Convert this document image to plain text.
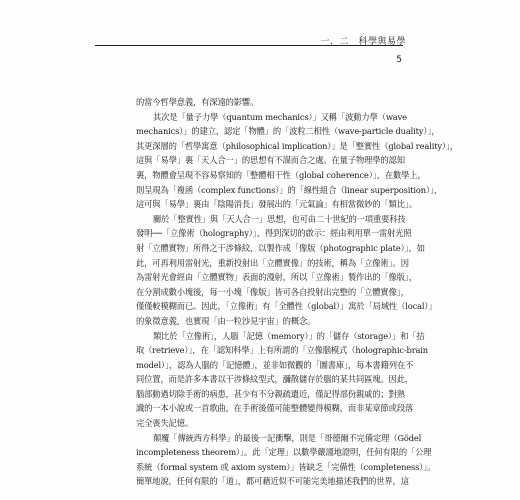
一．二　科學與易學
5

的當今哲學意義，有深遠的影響。

其次是「量子力學（quantum mechanics）」又稱「波動力學（wave
mechanics）」的建立，認定「物體」的「波粒二相性（wave-particle duality）」，
其更深層的「哲學寓意（philosophical implication）」是「整實性（global reality）」，
這與「易學」裏「天人合一」的思想有不謀而合之處。在量子物理學的認知
裏，物體會呈現不容易察知的「整體相干性（global coherence）」，在數學上，
則呈現為「複函（complex functions）」的「線性組合（linear superposition）」，
這可與「易學」裏由「陰陽消長」發展出的「元氣論」有相當微妙的「類比」。

關於「整實性」與「天人合一」思想，也可由二十世紀的一項重要科技
發明──「立像術（holography）」，得到深切的啟示：經由利用單一雷射光照
射「立體實物」所得之干涉條紋，以製作成「像版（photographic plate）」，如
此，可再利用雷射光，重新投射出「立體實像」的技術，稱為「立像術」。因
為雷射光會經由「立體實物」表面的漫射，所以「立像術」製作出的「像版」，
在分割成數小塊後，每一小塊「像版」皆可各自投射出完整的「立體實像」，
僅僅較模糊而已。因此，「立像術」有「全體性（global）」寓於「局域性（local）」
的象徵意義，也實現「由一粒沙見宇宙」的概念。

類比於「立像術」，人腦「記憶（memory）」的「儲存（storage）」和「拮
取（retrieve）」，在「認知科學」上有所謂的「立像腦模式（holographic-brain
model）」，認為人腦的「記憶體」，並非如微觀的「圖書庫」，每本書籍列在不
同位置，而是許多本書以干涉條紋型式，瀰散儲存於腦的某共同區塊。因此，
腦部動過切除手術的病患，甚少有不分親疏遺近，僅記得部份親戚的；對熟
識的一本小說或一首歌曲，在手術後僅可能整體變得模糊，而非某章節或段落
完全喪失記憶。

顛覆「傳統西方科學」的最後一記衝擊，則是「哥德爾不完備定理（Gödel
incompleteness theorem）」。此「定理」以數學嚴謹地證明，任何有限的「公理
系統（formal system 或 axiom system）」皆缺乏「完備性（completeness）」。
簡單地說，任何有限的「道」，都可藉近似不可能完美地描述我們的世界，這
